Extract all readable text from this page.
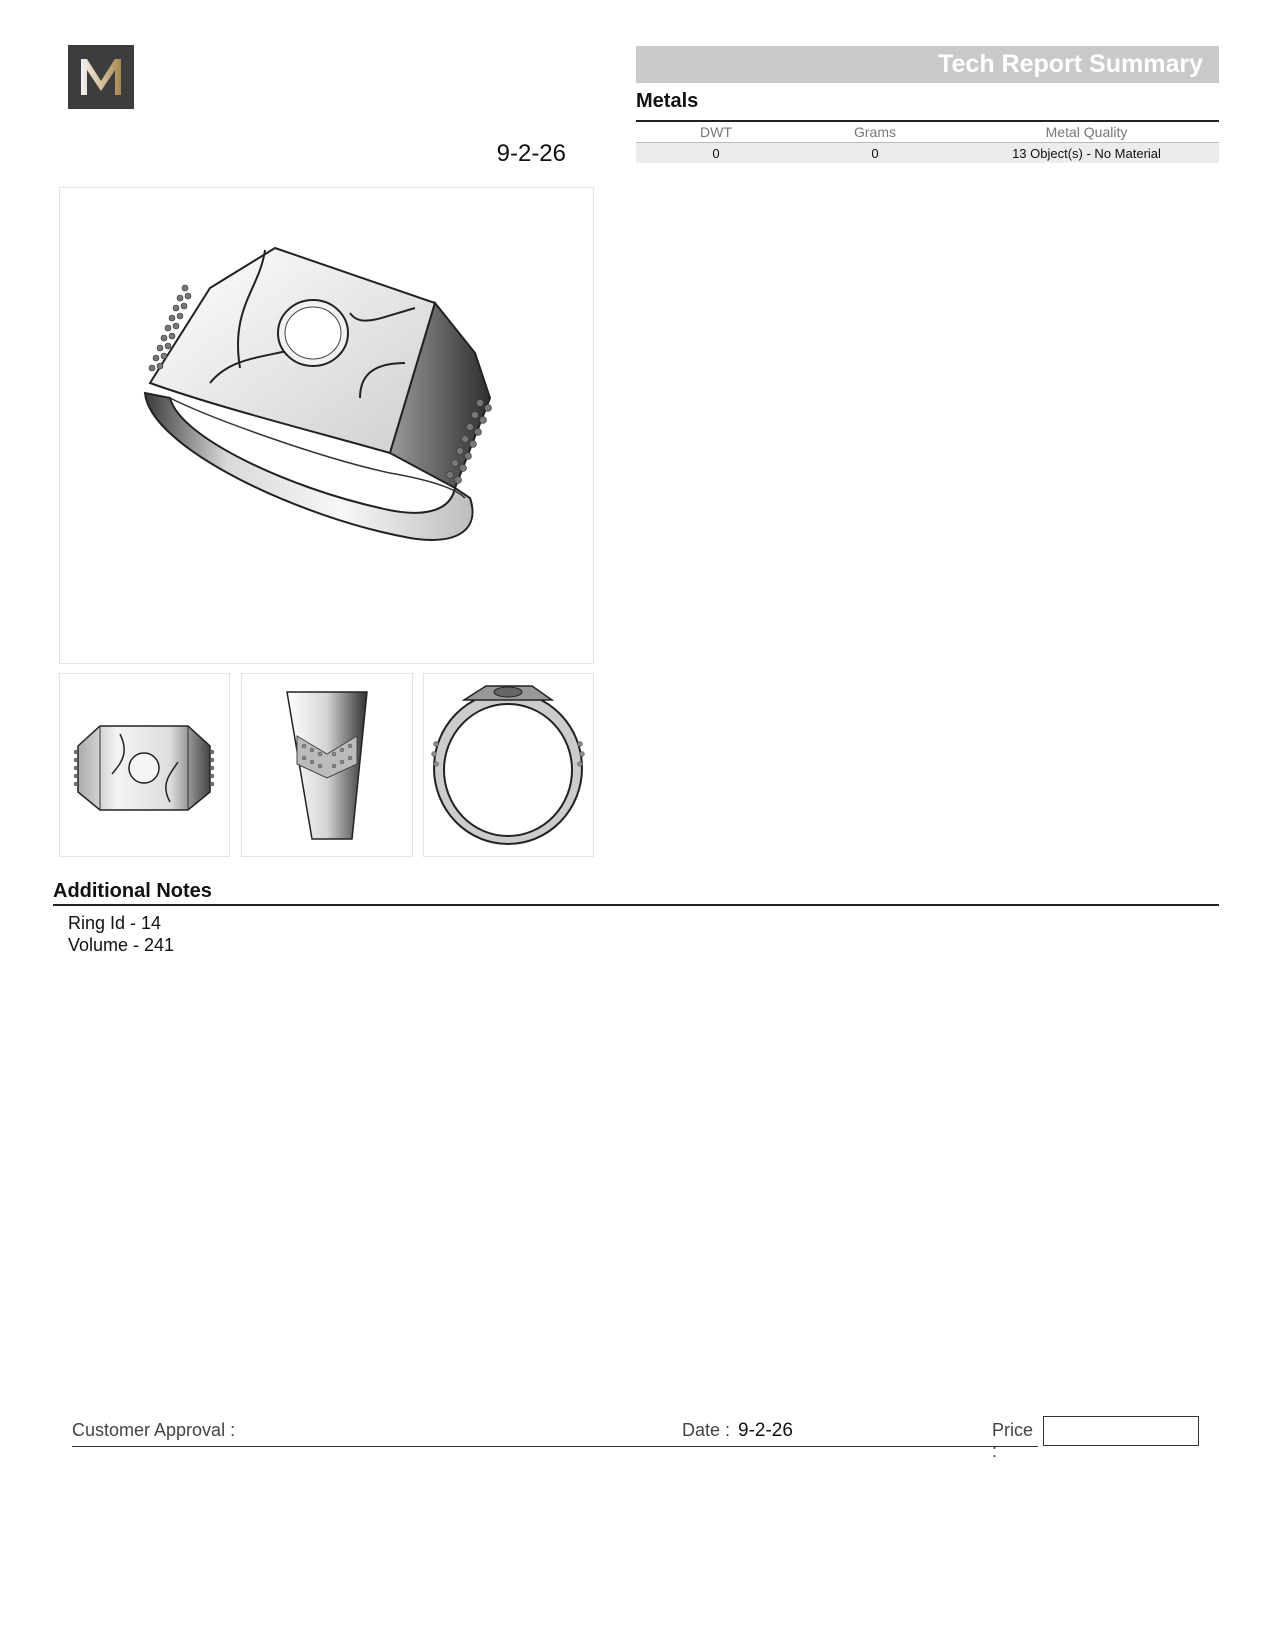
9-2-26
Tech Report Summary
Metals
DWT	Grams	Metal Quality
0	0	13 Object(s) - No Material
Additional Notes
Ring Id - 14
Volume - 241
Customer Approval :	Date : 9-2-26	Price :
